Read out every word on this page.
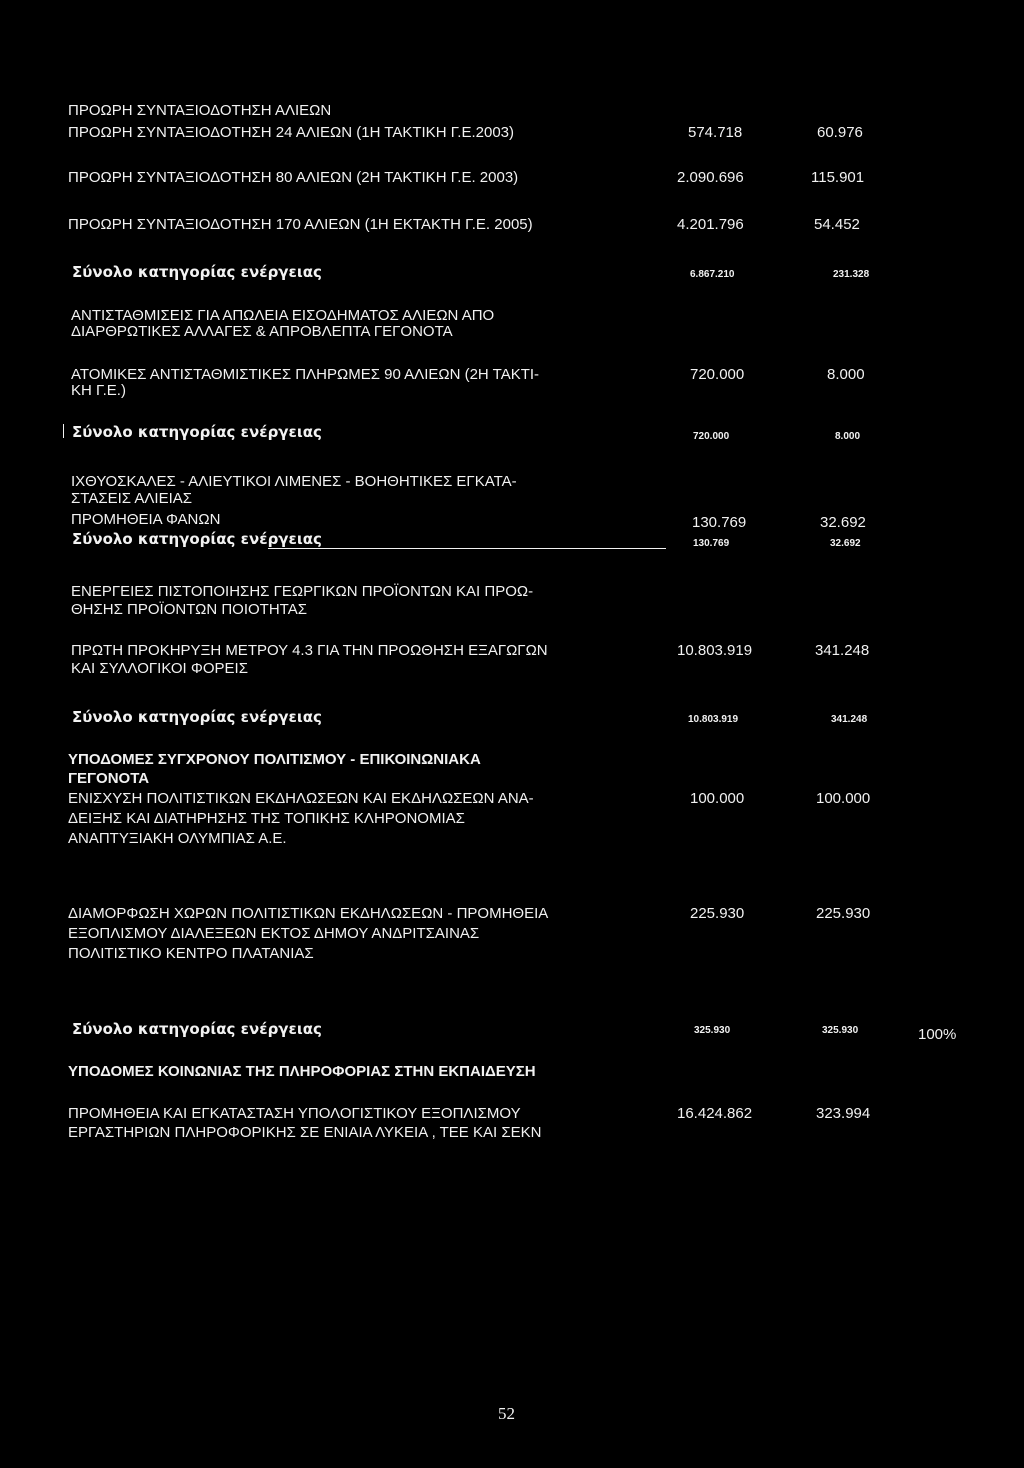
ΠΡΟΩΡΗ ΣΥΝΤΑΞΙΟΔΟΤΗΣΗ ΑΛΙΕΩΝ
ΠΡΟΩΡΗ ΣΥΝΤΑΞΙΟΔΟΤΗΣΗ 24 ΑΛΙΕΩΝ (1Η ΤΑΚΤΙΚΗ Γ.Ε.2003)	574.718	60.976
ΠΡΟΩΡΗ ΣΥΝΤΑΞΙΟΔΟΤΗΣΗ 80 ΑΛΙΕΩΝ (2Η ΤΑΚΤΙΚΗ Γ.Ε. 2003)	2.090.696	115.901
ΠΡΟΩΡΗ ΣΥΝΤΑΞΙΟΔΟΤΗΣΗ 170 ΑΛΙΕΩΝ (1Η ΕΚΤΑΚΤΗ Γ.Ε. 2005)	4.201.796	54.452
Σύνολο κατηγορίας ενέργειας	6.867.210	231.328
ΑΝΤΙΣΤΑΘΜΙΣΕΙΣ ΓΙΑ ΑΠΩΛΕΙΑ ΕΙΣΟΔΗΜΑΤΟΣ ΑΛΙΕΩΝ ΑΠΟ
ΔΙΑΡΘΡΩΤΙΚΕΣ ΑΛΛΑΓΕΣ & ΑΠΡΟΒΛΕΠΤΑ ΓΕΓΟΝΟΤΑ
ΑΤΟΜΙΚΕΣ ΑΝΤΙΣΤΑΘΜΙΣΤΙΚΕΣ ΠΛΗΡΩΜΕΣ 90 ΑΛΙΕΩΝ (2Η ΤΑΚΤΙ-
ΚΗ Γ.Ε.)
720.000	8.000
Σύνολο κατηγορίας ενέργειας	720.000	8.000
ΙΧΘΥΟΣΚΑΛΕΣ - ΑΛΙΕΥΤΙΚΟΙ ΛΙΜΕΝΕΣ - ΒΟΗΘΗΤΙΚΕΣ ΕΓΚΑΤΑ-
ΣΤΑΣΕΙΣ ΑΛΙΕΙΑΣ
ΠΡΟΜΗΘΕΙΑ ΦΑΝΩΝ	130.769	32.692
Σύνολο κατηγορίας ενέργειας	130.769	32.692
ΕΝΕΡΓΕΙΕΣ ΠΙΣΤΟΠΟΙΗΣΗΣ ΓΕΩΡΓΙΚΩΝ ΠΡΟΪΟΝΤΩΝ ΚΑΙ ΠΡΟΩ-
ΘΗΣΗΣ ΠΡΟΪΟΝΤΩΝ ΠΟΙΟΤΗΤΑΣ
ΠΡΩΤΗ ΠΡΟΚΗΡΥΞΗ ΜΕΤΡΟΥ 4.3 ΓΙΑ ΤΗΝ ΠΡΟΩΘΗΣΗ ΕΞΑΓΩΓΩΝ
ΚΑΙ ΣΥΛΛΟΓΙΚΟΙ ΦΟΡΕΙΣ
10.803.919	341.248
Σύνολο κατηγορίας ενέργειας	10.803.919	341.248
ΥΠΟΔΟΜΕΣ ΣΥΓΧΡΟΝΟΥ ΠΟΛΙΤΙΣΜΟΥ - ΕΠΙΚΟΙΝΩΝΙΑΚΑ
ΓΕΓΟΝΟΤΑ
ΕΝΙΣΧΥΣΗ ΠΟΛΙΤΙΣΤΙΚΩΝ ΕΚΔΗΛΩΣΕΩΝ ΚΑΙ ΕΚΔΗΛΩΣΕΩΝ ΑΝΑ-
ΔΕΙΞΗΣ ΚΑΙ ΔΙΑΤΗΡΗΣΗΣ ΤΗΣ ΤΟΠΙΚΗΣ ΚΛΗΡΟΝΟΜΙΑΣ
ΑΝΑΠΤΥΞΙΑΚΗ ΟΛΥΜΠΙΑΣ Α.Ε.
100.000	100.000
ΔΙΑΜΟΡΦΩΣΗ ΧΩΡΩΝ ΠΟΛΙΤΙΣΤΙΚΩΝ ΕΚΔΗΛΩΣΕΩΝ - ΠΡΟΜΗΘΕΙΑ
ΕΞΟΠΛΙΣΜΟΥ ΔΙΑΛΕΞΕΩΝ ΕΚΤΟΣ ΔΗΜΟΥ ΑΝΔΡΙΤΣΑΙΝΑΣ
ΠΟΛΙΤΙΣΤΙΚΟ ΚΕΝΤΡΟ ΠΛΑΤΑΝΙΑΣ
225.930	225.930
Σύνολο κατηγορίας ενέργειας	325.930	325.930	100%
ΥΠΟΔΟΜΕΣ ΚΟΙΝΩΝΙΑΣ ΤΗΣ ΠΛΗΡΟΦΟΡΙΑΣ ΣΤΗΝ ΕΚΠΑΙΔΕΥΣΗ
ΠΡΟΜΗΘΕΙΑ ΚΑΙ ΕΓΚΑΤΑΣΤΑΣΗ ΥΠΟΛΟΓΙΣΤΙΚΟΥ ΕΞΟΠΛΙΣΜΟΥ
ΕΡΓΑΣΤΗΡΙΩΝ ΠΛΗΡΟΦΟΡΙΚΗΣ ΣΕ ΕΝΙΑΙΑ ΛΥΚΕΙΑ , ΤΕΕ ΚΑΙ ΣΕΚΝ
16.424.862	323.994
52
